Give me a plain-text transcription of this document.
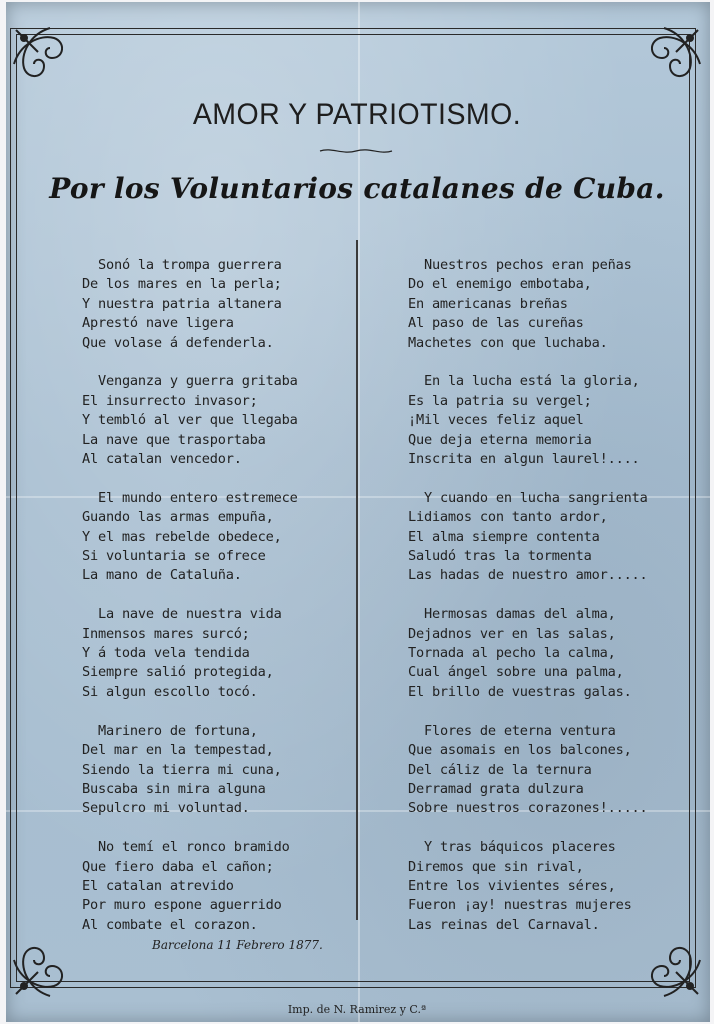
AMOR Y PATRIOTISMO.
Por los Voluntarios catalanes de Cuba.
Sonó la trompa guerrera
De los mares en la perla;
Y nuestra patria altanera
Aprestó nave ligera
Que volase á defenderla.
Venganza y guerra gritaba
El insurrecto invasor;
Y tembló al ver que llegaba
La nave que trasportaba
Al catalan vencedor.
El mundo entero estremece
Guando las armas empuña,
Y el mas rebelde obedece,
Si voluntaria se ofrece
La mano de Cataluña.
La nave de nuestra vida
Inmensos mares surcó;
Y á toda vela tendida
Siempre salió protegida,
Si algun escollo tocó.
Marinero de fortuna,
Del mar en la tempestad,
Siendo la tierra mi cuna,
Buscaba sin mira alguna
Sepulcro mi voluntad.
No temí el ronco bramido
Que fiero daba el cañon;
El catalan atrevido
Por muro espone aguerrido
Al combate el corazon.
Nuestros pechos eran peñas
Do el enemigo embotaba,
En americanas breñas
Al paso de las cureñas
Machetes con que luchaba.
En la lucha está la gloria,
Es la patria su vergel;
¡Mil veces feliz aquel
Que deja eterna memoria
Inscrita en algun laurel!....
Y cuando en lucha sangrienta
Lidiamos con tanto ardor,
El alma siempre contenta
Saludó tras la tormenta
Las hadas de nuestro amor.....
Hermosas damas del alma,
Dejadnos ver en las salas,
Tornada al pecho la calma,
Cual ángel sobre una palma,
El brillo de vuestras galas.
Flores de eterna ventura
Que asomais en los balcones,
Del cáliz de la ternura
Derramad grata dulzura
Sobre nuestros corazones!.....
Y tras báquicos placeres
Diremos que sin rival,
Entre los vivientes séres,
Fueron ¡ay! nuestras mujeres
Las reinas del Carnaval.
Barcelona 11 Febrero 1877.
Imp. de N. Ramirez y C.ª
